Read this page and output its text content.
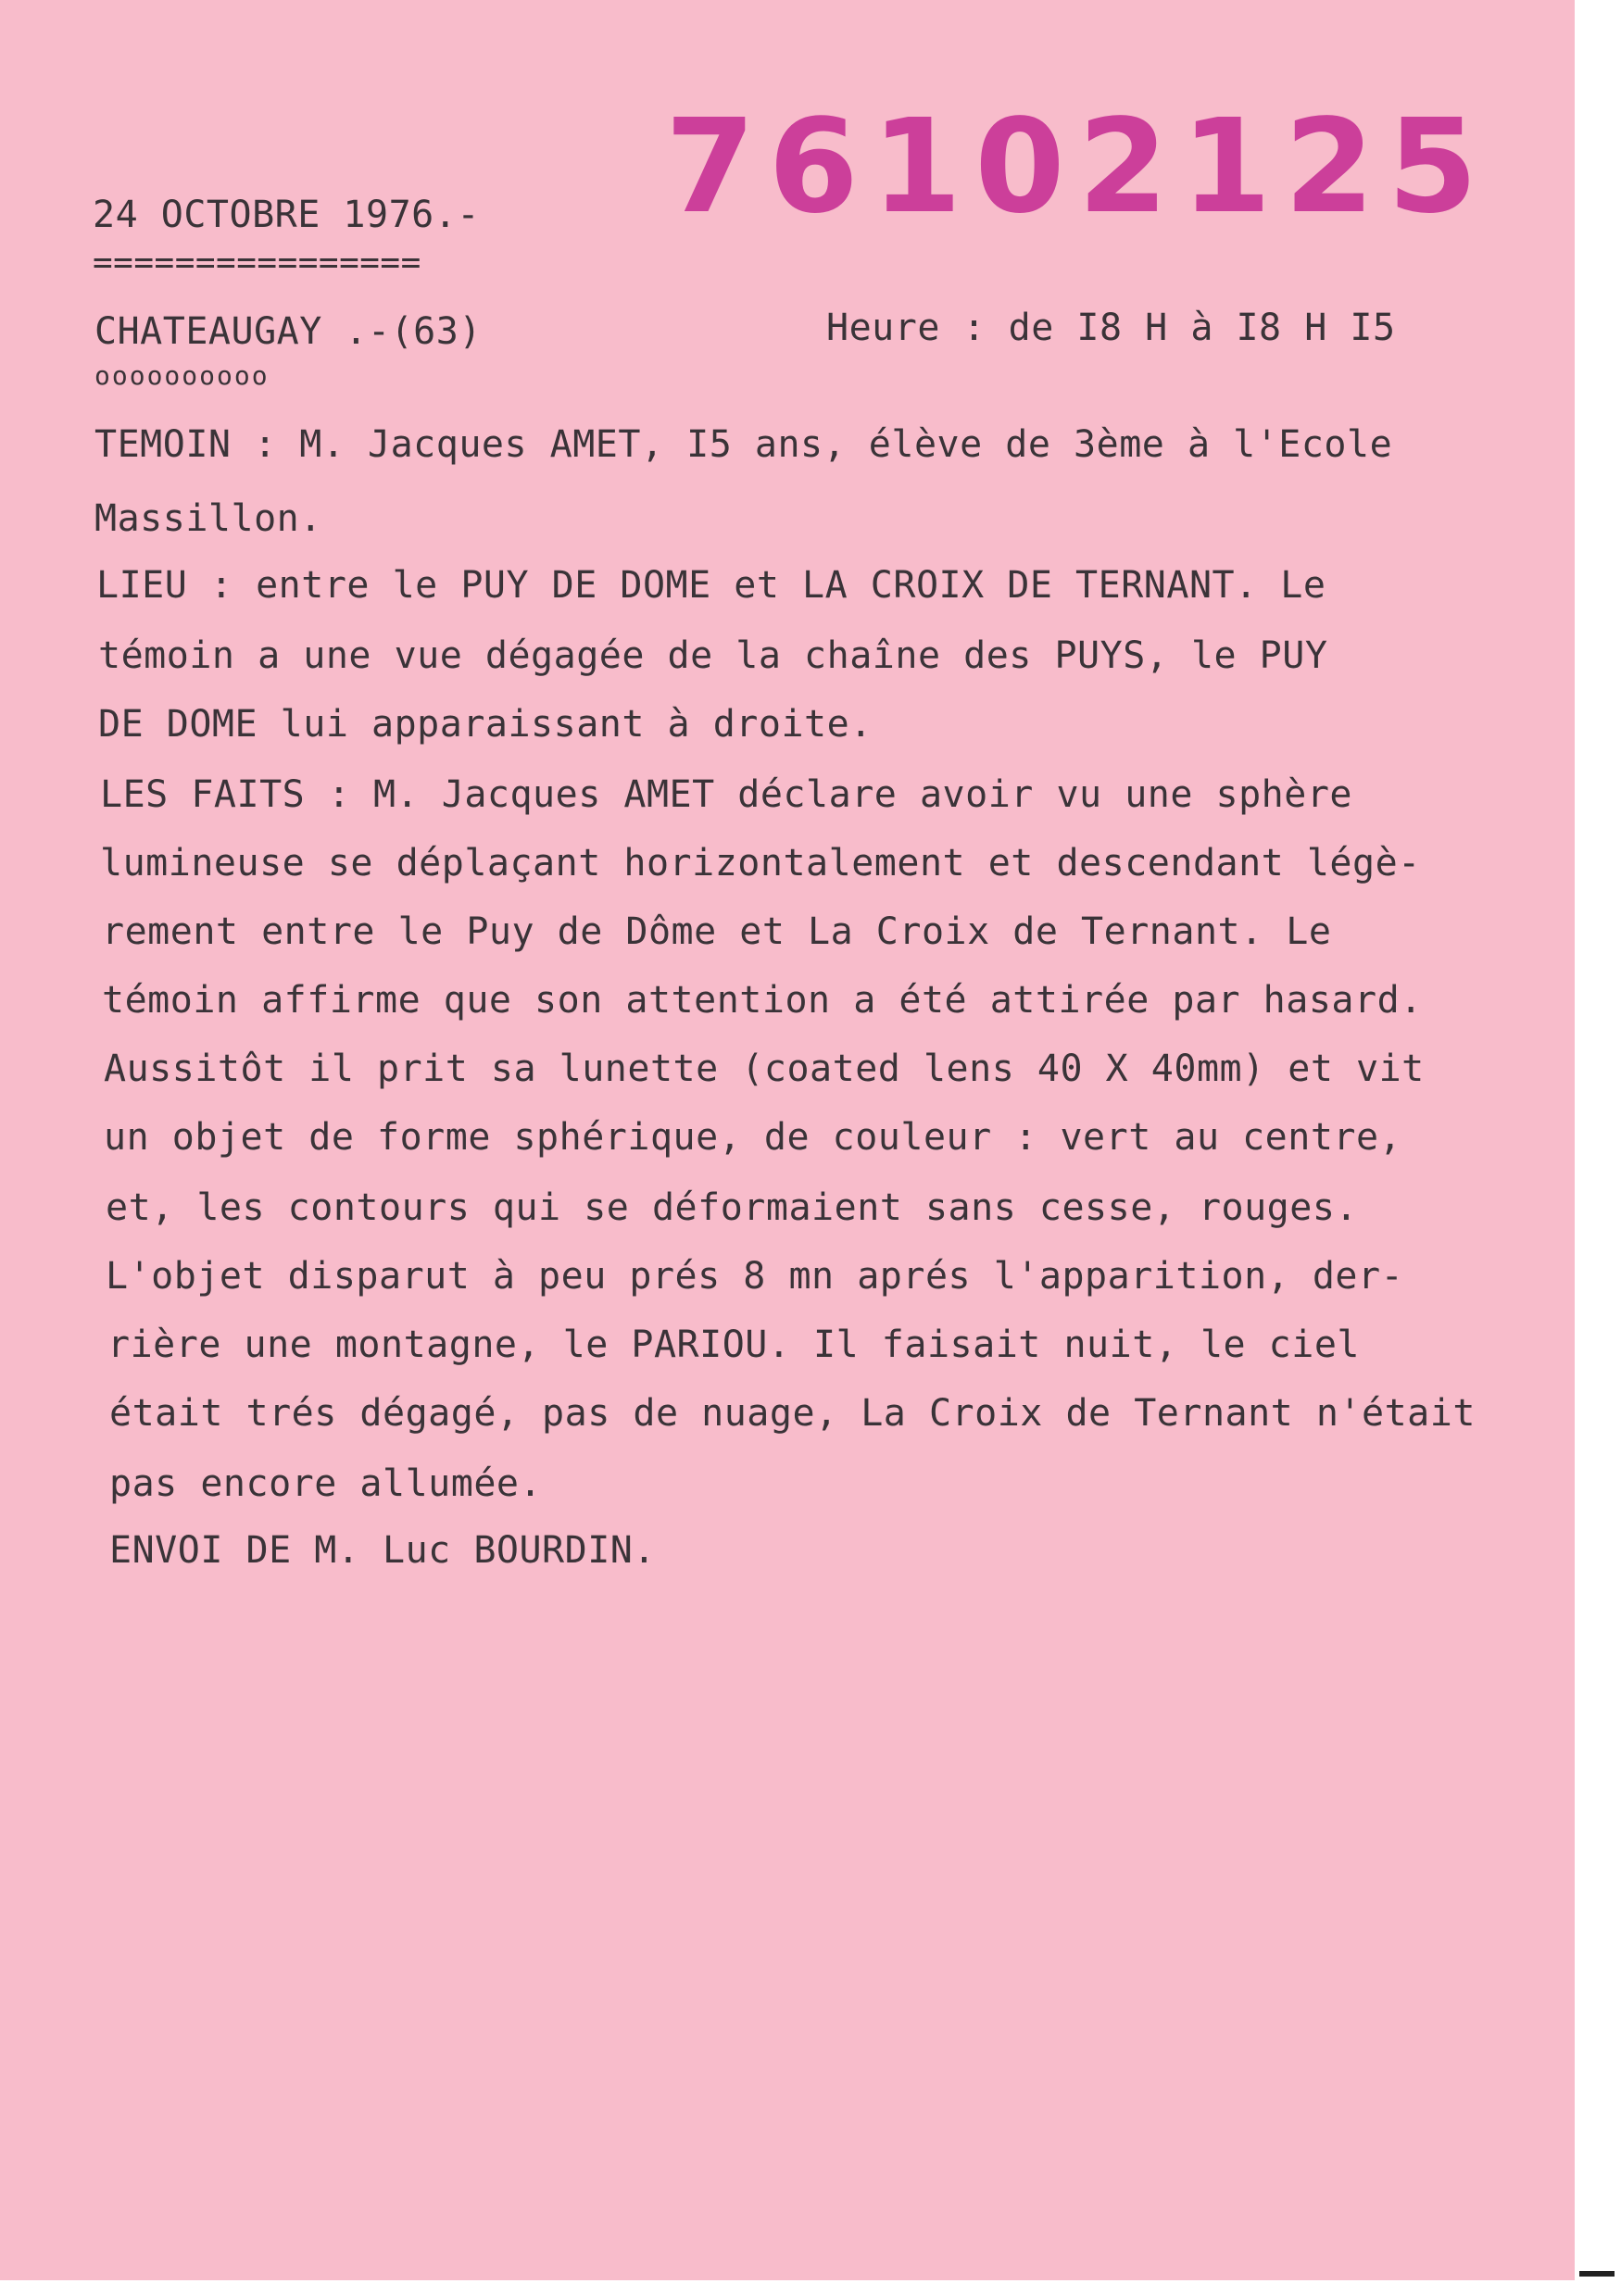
76102125
24 OCTOBRE 1976.-
================
CHATEAUGAY .-(63)
oooooooooo
Heure : de I8 H à I8 H I5
TEMOIN : M. Jacques AMET, I5 ans, élève de 3ème à l'Ecole
Massillon.
LIEU : entre le PUY DE DOME et LA CROIX DE TERNANT. Le
témoin a une vue dégagée de la chaîne des PUYS, le PUY
DE DOME lui apparaissant à droite.
LES FAITS : M. Jacques AMET déclare avoir vu une sphère
lumineuse se déplaçant horizontalement et descendant légè-
rement entre le Puy de Dôme et La Croix de Ternant. Le
témoin affirme que son attention a été attirée par hasard.
Aussitôt il prit sa lunette (coated lens 40 X 40mm) et vit
un objet de forme sphérique, de couleur : vert au centre,
et, les contours qui se déformaient sans cesse, rouges.
L'objet disparut à peu prés 8 mn aprés l'apparition, der-
rière une montagne, le PARIOU. Il faisait nuit, le ciel
était trés dégagé, pas de nuage, La Croix de Ternant n'était
pas encore allumée.
ENVOI DE M. Luc BOURDIN.
